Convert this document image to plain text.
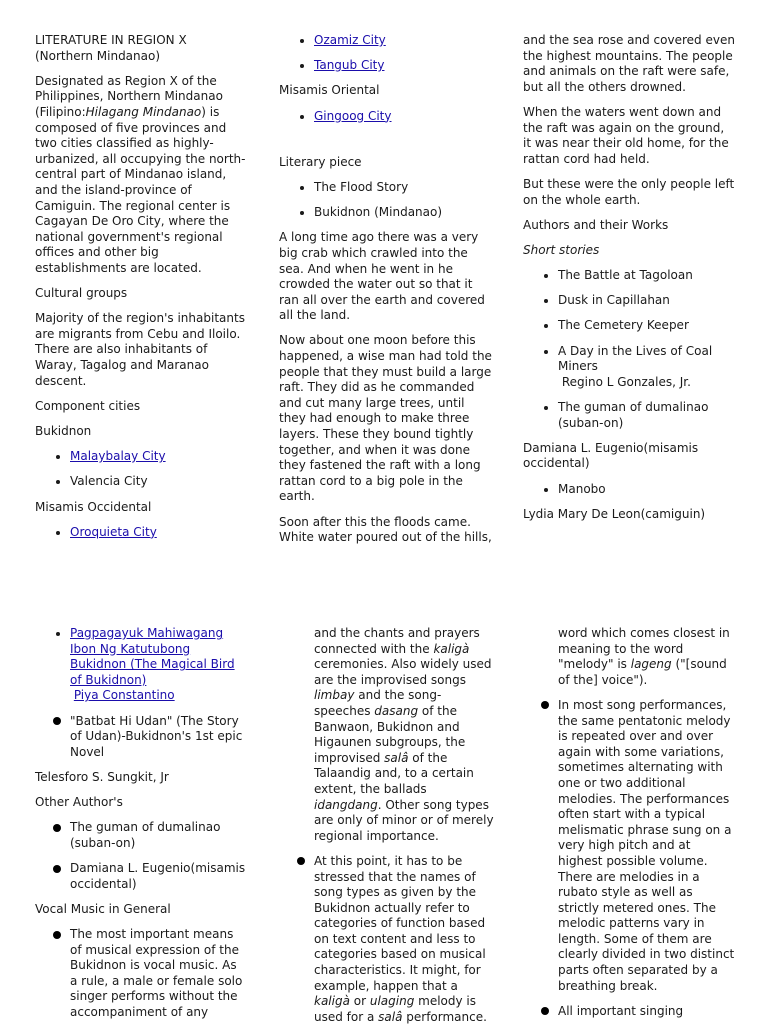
LITERATURE IN REGION X
(Northern Mindanao)

Designated as Region X of the Philippines, Northern Mindanao (Filipino:Hilagang Mindanao) is composed of five provinces and two cities classified as highly-urbanized, all occupying the north-central part of Mindanao island, and the island-province of Camiguin. The regional center is Cagayan De Oro City, where the national government's regional offices and other big establishments are located.

Cultural groups

Majority of the region's inhabitants are migrants from Cebu and Iloilo. There are also inhabitants of Waray, Tagalog and Maranao descent.

Component cities

Bukidnon

• Malaybalay City
• Valencia City

Misamis Occidental

• Oroquieta City
• Ozamiz City
• Tangub City

Misamis Oriental

• Gingoog City

Literary piece

• The Flood Story
• Bukidnon (Mindanao)

A long time ago there was a very big crab which crawled into the sea. And when he went in he crowded the water out so that it ran all over the earth and covered all the land.

Now about one moon before this happened, a wise man had told the people that they must build a large raft. They did as he commanded and cut many large trees, until they had enough to make three layers. These they bound tightly together, and when it was done they fastened the raft with a long rattan cord to a big pole in the earth.

Soon after this the floods came. White water poured out of the hills,

and the sea rose and covered even the highest mountains. The people and animals on the raft were safe, but all the others drowned.

When the waters went down and the raft was again on the ground, it was near their old home, for the rattan cord had held.

But these were the only people left on the whole earth.

Authors and their Works

Short stories

• The Battle at Tagoloan
• Dusk in Capillahan
• The Cemetery Keeper
• A Day in the Lives of Coal Miners
Regino L Gonzales, Jr.
• The guman of dumalinao (suban-on)

Damiana L. Eugenio(misamis occidental)

• Manobo

Lydia Mary De Leon(camiguin)

• Pagpagayuk Mahiwagang Ibon Ng Katutubong Bukidnon (The Magical Bird of Bukidnon)
Piya Constantino
"Batbat Hi Udan" (The Story of Udan)-Bukidnon's 1st epic Novel

Telesforo S. Sungkit, Jr

Other Author's

The guman of dumalinao (suban-on)
Damiana L. Eugenio(misamis occidental)

Vocal Music in General

The most important means of musical expression of the Bukidnon is vocal music. As a rule, a male or female solo singer performs without the accompaniment of any

and the chants and prayers connected with the kaligà ceremonies. Also widely used are the improvised songs limbay and the song-speeches dasang of the Banwaon, Bukidnon and Higaunen subgroups, the improvised salâ of the Talaandig and, to a certain extent, the ballads idangdang. Other song types are only of minor or of merely regional importance.

At this point, it has to be stressed that the names of song types as given by the Bukidnon actually refer to categories of function based on text content and less to categories based on musical characteristics. It might, for example, happen that a kaligà or ulaging melody is used for a salâ performance.

word which comes closest in meaning to the word "melody" is lageng ("[sound of the] voice").

In most song performances, the same pentatonic melody is repeated over and over again with some variations, sometimes alternating with one or two additional melodies. The performances often start with a typical melismatic phrase sung on a very high pitch and at highest possible volume. There are melodies in a rubato style as well as strictly metered ones. The melodic patterns vary in length. Some of them are clearly divided in two distinct parts often separated by a breathing break.
All important singing
